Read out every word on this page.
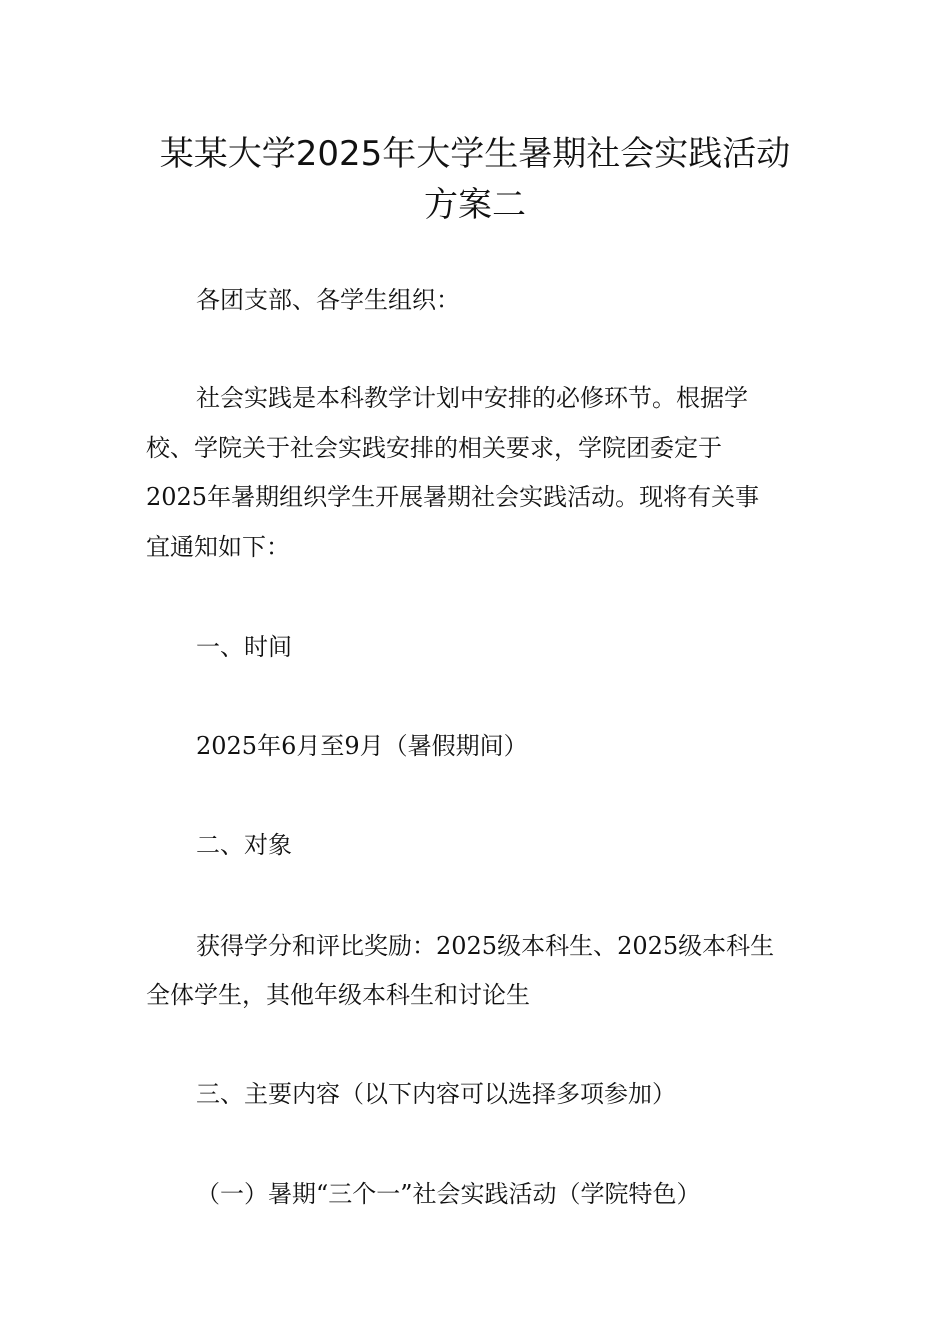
某某大学2025年大学生暑期社会实践活动
方案二
各团支部、各学生组织：
社会实践是本科教学计划中安排的必修环节。根据学
校、学院关于社会实践安排的相关要求，学院团委定于
2025年暑期组织学生开展暑期社会实践活动。现将有关事
宜通知如下：
一、时间
2025年6月至9月（暑假期间）
二、对象
获得学分和评比奖励：2025级本科生、2025级本科生
全体学生，其他年级本科生和讨论生
三、主要内容（以下内容可以选择多项参加）
（一）暑期“三个一”社会实践活动（学院特色）
